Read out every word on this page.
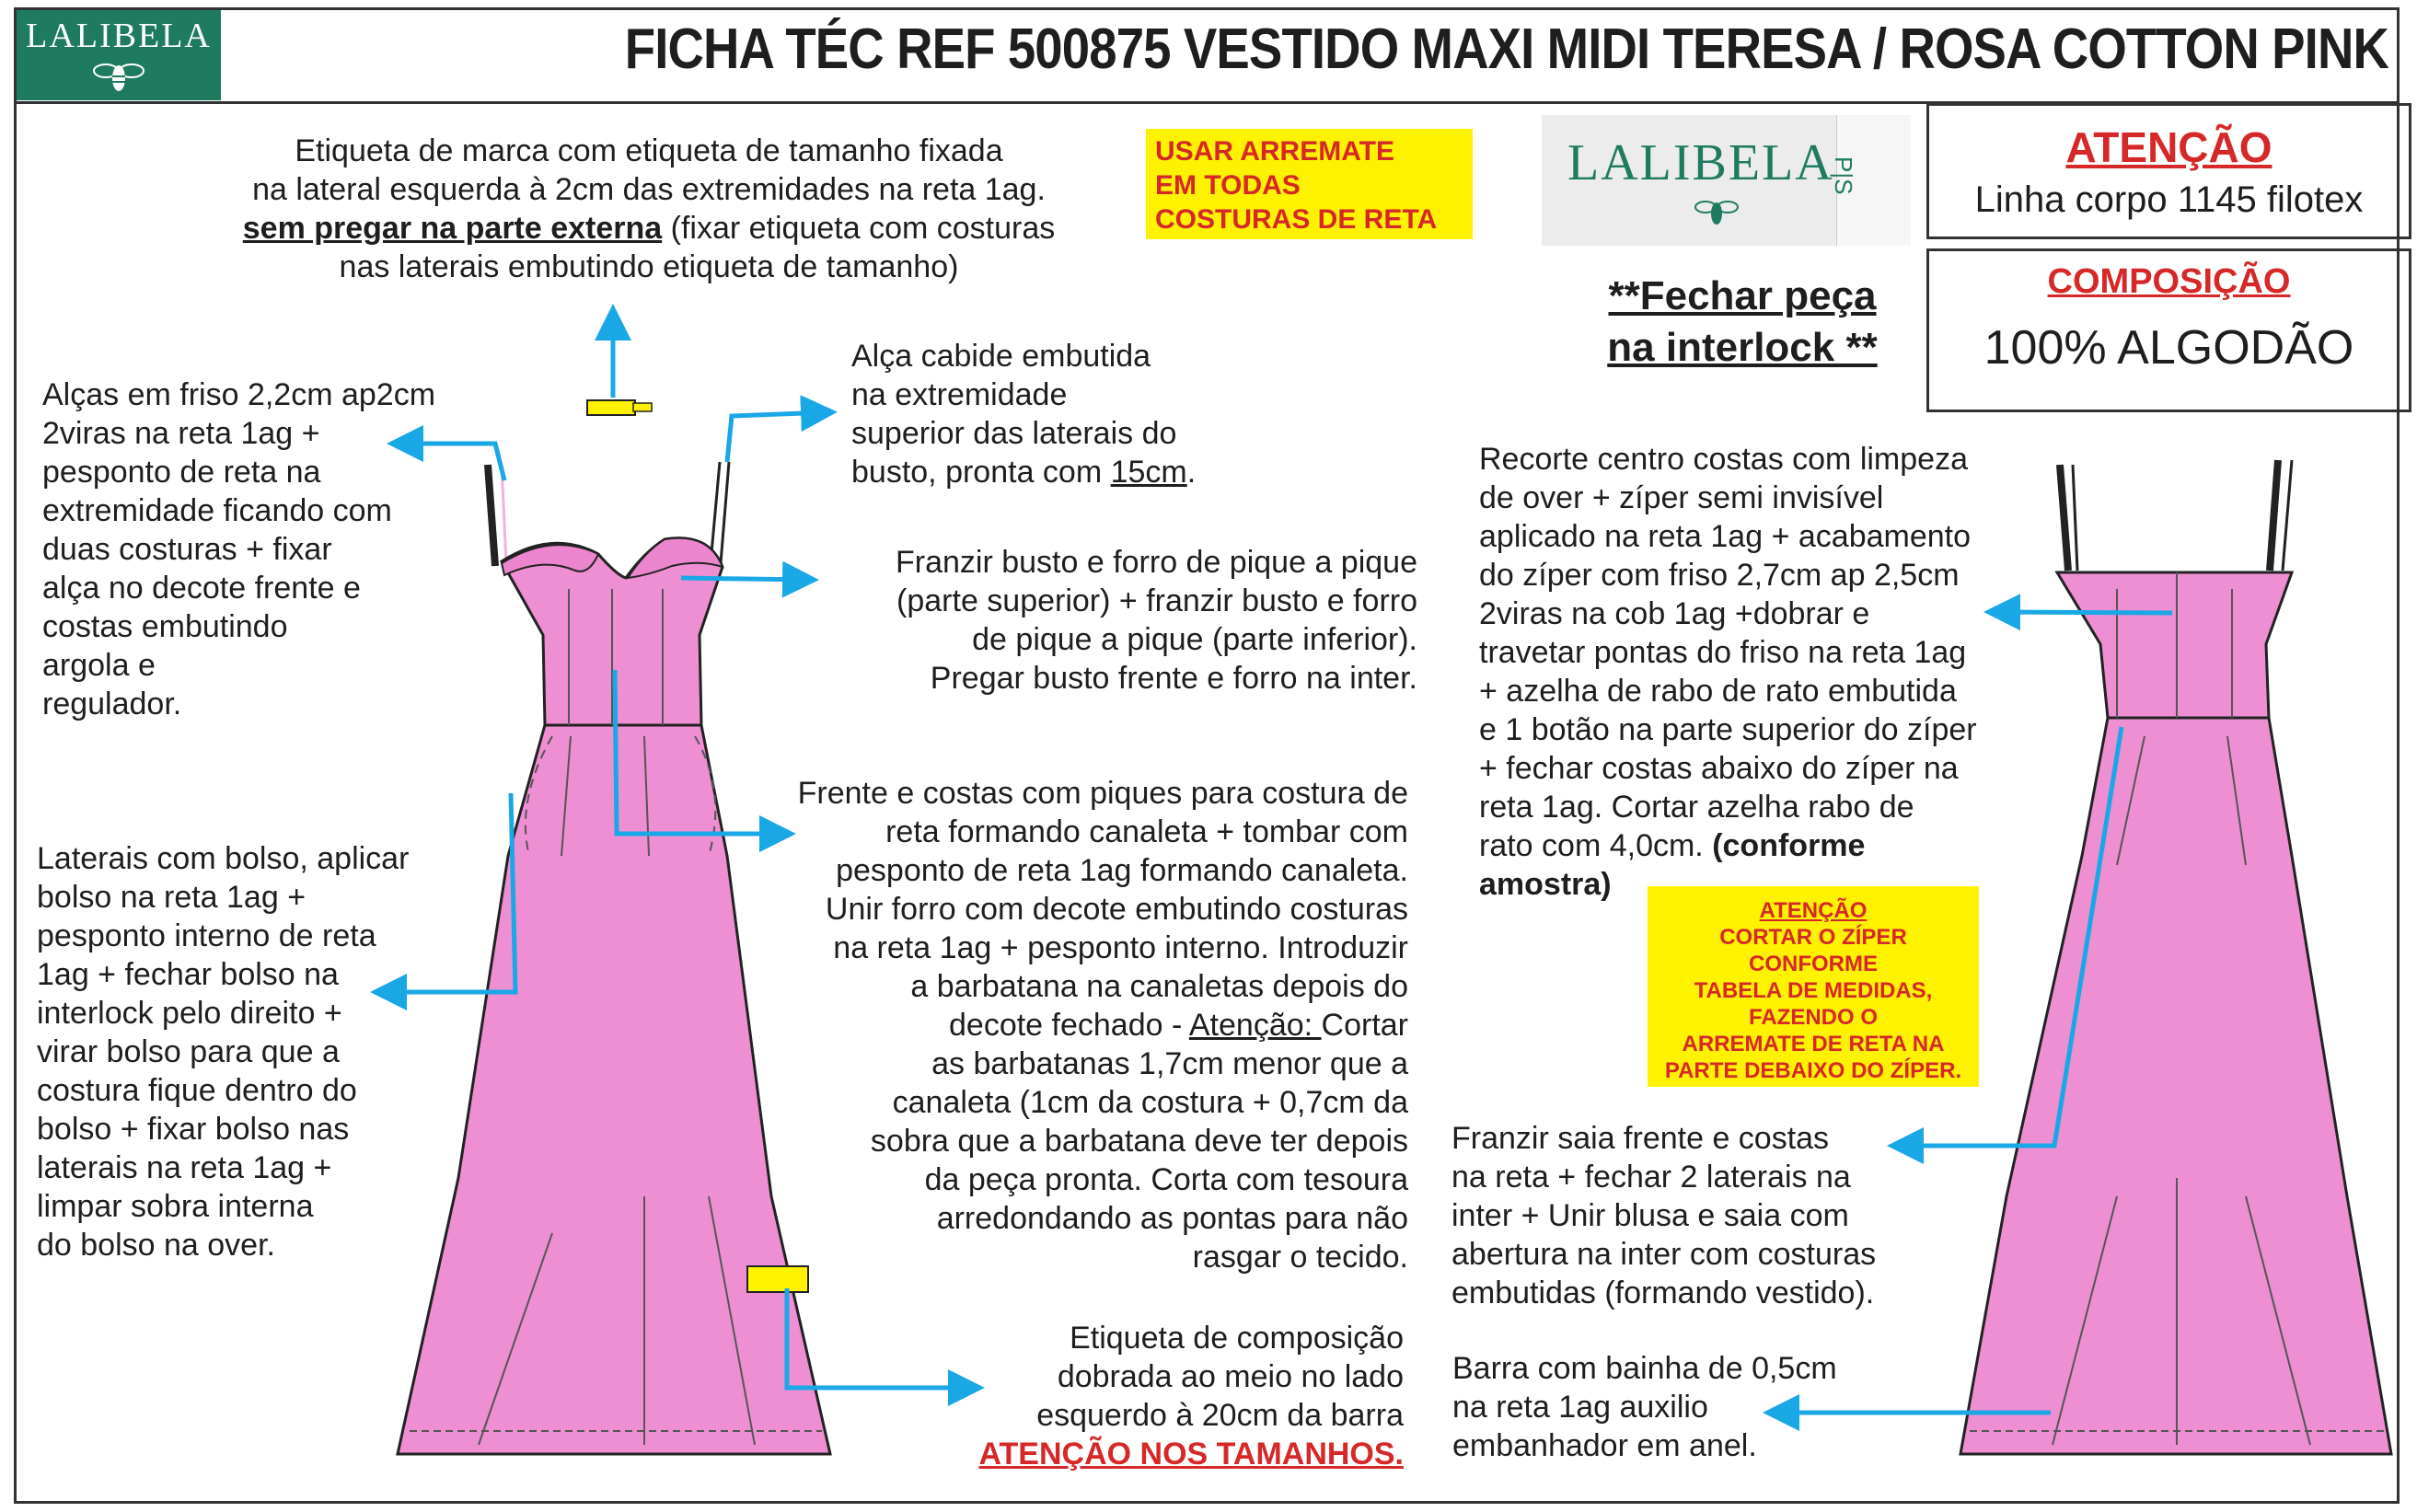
LALIBELA	FICHA TÉC REF 500875 VESTIDO MAXI MIDI TERESA / ROSA COTTON PINK
Etiqueta de marca com etiqueta de tamanho fixada
na lateral esquerda à 2cm das extremidades na reta 1ag.
sem pregar na parte externa (fixar etiqueta com costuras
nas laterais embutindo etiqueta de tamanho)
USAR ARREMATE
EM TODAS
COSTURAS DE RETA
LALIBELA
P|S
ATENÇÃO
Linha corpo 1145 filotex
COMPOSIÇÃO
100% ALGODÃO
**Fechar peça
na interlock **
Alças em friso 2,2cm ap2cm
2viras na reta 1ag +
pesponto de reta na
extremidade ficando com
duas costuras + fixar
alça no decote frente e
costas embutindo
argola e
regulador.
Alça cabide embutida
na extremidade
superior das laterais do
busto, pronta com 15cm.
Franzir busto e forro de pique a pique
(parte superior) + franzir busto e forro
de pique a pique (parte inferior).
Pregar busto frente e forro na inter.
Laterais com bolso, aplicar
bolso na reta 1ag +
pesponto interno de reta
1ag + fechar bolso na
interlock pelo direito +
virar bolso para que a
costura fique dentro do
bolso + fixar bolso nas
laterais na reta 1ag +
limpar sobra interna
do bolso na over.
Frente e costas com piques para costura de
reta formando canaleta + tombar com
pesponto de reta 1ag formando canaleta.
Unir forro com decote embutindo costuras
na reta 1ag + pesponto interno. Introduzir
a barbatana na canaletas depois do
decote fechado - Atenção: Cortar
as barbatanas 1,7cm menor que a
canaleta (1cm da costura + 0,7cm da
sobra que a barbatana deve ter depois
da peça pronta. Corta com tesoura
arredondando as pontas para não
rasgar o tecido.
Etiqueta de composição
dobrada ao meio no lado
esquerdo à 20cm da barra
ATENÇÃO NOS TAMANHOS.
Recorte centro costas com limpeza
de over + zíper semi invisível
aplicado na reta 1ag + acabamento
do zíper com friso 2,7cm ap 2,5cm
2viras na cob 1ag +dobrar e
travetar pontas do friso na reta 1ag
+ azelha de rabo de rato embutida
e 1 botão na parte superior do zíper
+ fechar costas abaixo do zíper na
reta 1ag. Cortar azelha rabo de
rato com 4,0cm. (conforme
amostra)
ATENÇÃO
CORTAR O ZÍPER
CONFORME
TABELA DE MEDIDAS,
FAZENDO O
ARREMATE DE RETA NA
PARTE DEBAIXO DO ZÍPER.
Franzir saia frente e costas
na reta + fechar 2 laterais na
inter + Unir blusa e saia com
abertura na inter com costuras
embutidas (formando vestido).
Barra com bainha de 0,5cm
na reta 1ag auxilio
embanhador em anel.
